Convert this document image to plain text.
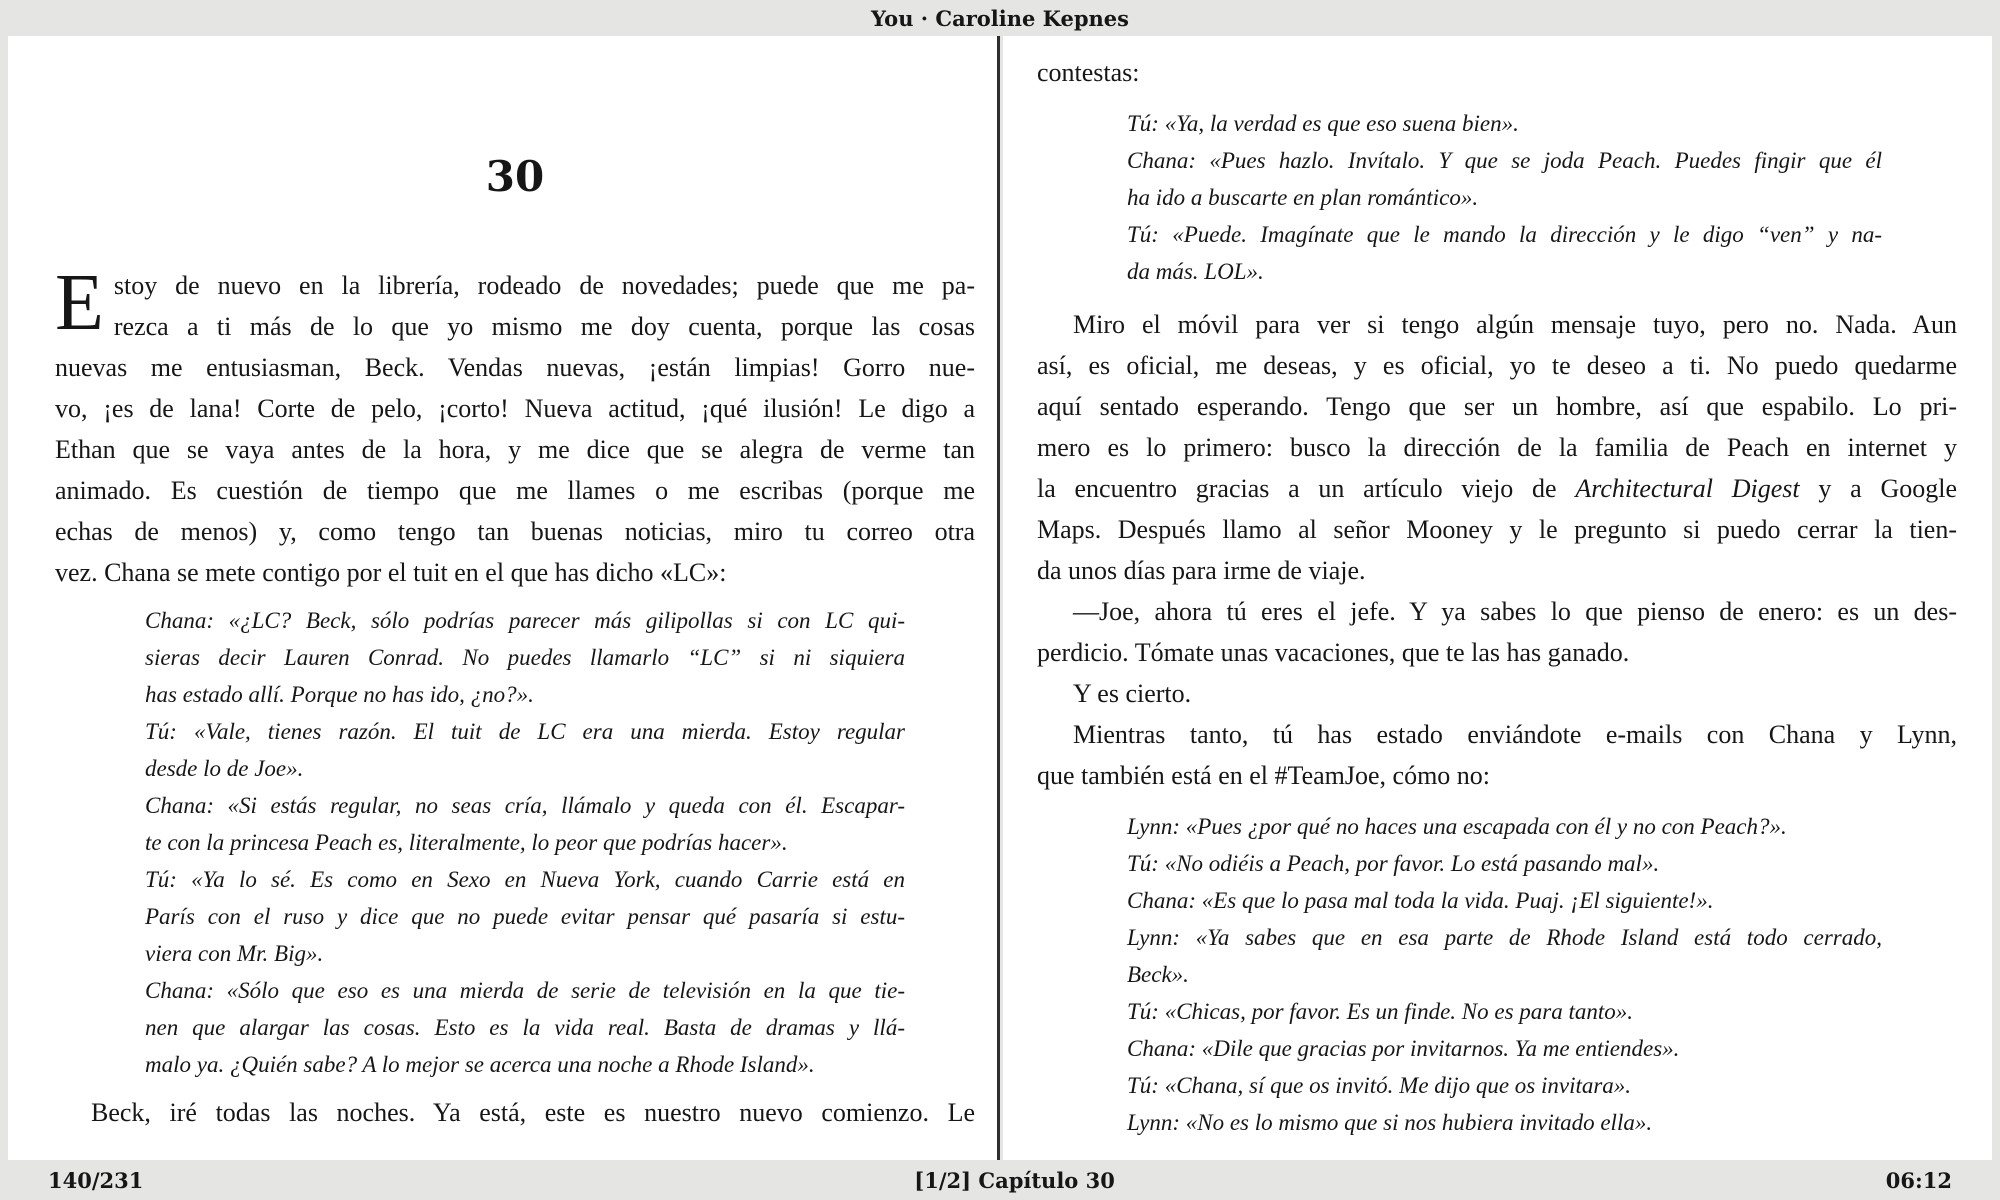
You · Caroline Kepnes
30
E stoy de nuevo en la librería, rodeado de novedades; puede que me pa-
rezca a ti más de lo que yo mismo me doy cuenta, porque las cosas
nuevas me entusiasman, Beck. Vendas nuevas, ¡están limpias! Gorro nue-
vo, ¡es de lana! Corte de pelo, ¡corto! Nueva actitud, ¡qué ilusión! Le digo a
Ethan que se vaya antes de la hora, y me dice que se alegra de verme tan
animado. Es cuestión de tiempo que me llames o me escribas (porque me
echas de menos) y, como tengo tan buenas noticias, miro tu correo otra
vez. Chana se mete contigo por el tuit en el que has dicho «LC»:
Chana: «¿LC? Beck, sólo podrías parecer más gilipollas si con LC qui-
sieras decir Lauren Conrad. No puedes llamarlo “LC” si ni siquiera
has estado allí. Porque no has ido, ¿no?».
Tú: «Vale, tienes razón. El tuit de LC era una mierda. Estoy regular
desde lo de Joe».
Chana: «Si estás regular, no seas cría, llámalo y queda con él. Escapar-
te con la princesa Peach es, literalmente, lo peor que podrías hacer».
Tú: «Ya lo sé. Es como en Sexo en Nueva York, cuando Carrie está en
París con el ruso y dice que no puede evitar pensar qué pasaría si estu-
viera con Mr. Big».
Chana: «Sólo que eso es una mierda de serie de televisión en la que tie-
nen que alargar las cosas. Esto es la vida real. Basta de dramas y llá-
malo ya. ¿Quién sabe? A lo mejor se acerca una noche a Rhode Island».
Beck, iré todas las noches. Ya está, este es nuestro nuevo comienzo. Le
contestas:
Tú: «Ya, la verdad es que eso suena bien».
Chana: «Pues hazlo. Invítalo. Y que se joda Peach. Puedes fingir que él
ha ido a buscarte en plan romántico».
Tú: «Puede. Imagínate que le mando la dirección y le digo “ven” y na-
da más. LOL».
Miro el móvil para ver si tengo algún mensaje tuyo, pero no. Nada. Aun
así, es oficial, me deseas, y es oficial, yo te deseo a ti. No puedo quedarme
aquí sentado esperando. Tengo que ser un hombre, así que espabilo. Lo pri-
mero es lo primero: busco la dirección de la familia de Peach en internet y
la encuentro gracias a un artículo viejo de Architectural Digest y a Google
Maps. Después llamo al señor Mooney y le pregunto si puedo cerrar la tien-
da unos días para irme de viaje.
—Joe, ahora tú eres el jefe. Y ya sabes lo que pienso de enero: es un des-
perdicio. Tómate unas vacaciones, que te las has ganado.
Y es cierto.
Mientras tanto, tú has estado enviándote e-mails con Chana y Lynn,
que también está en el #TeamJoe, cómo no:
Lynn: «Pues ¿por qué no haces una escapada con él y no con Peach?».
Tú: «No odiéis a Peach, por favor. Lo está pasando mal».
Chana: «Es que lo pasa mal toda la vida. Puaj. ¡El siguiente!».
Lynn: «Ya sabes que en esa parte de Rhode Island está todo cerrado,
Beck».
Tú: «Chicas, por favor. Es un finde. No es para tanto».
Chana: «Dile que gracias por invitarnos. Ya me entiendes».
Tú: «Chana, sí que os invitó. Me dijo que os invitara».
Lynn: «No es lo mismo que si nos hubiera invitado ella».
140/231	[1/2] Capítulo 30	06:12
